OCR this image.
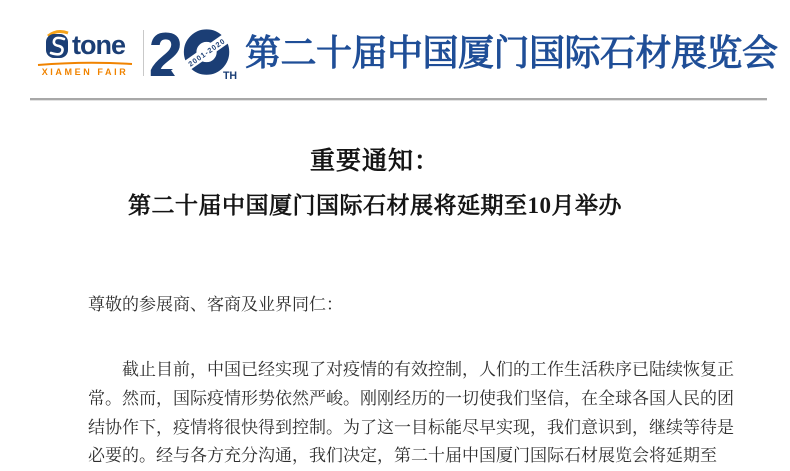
tone
XIAMEN FAIR 2 2001-2020
TH
第二十届中国厦门国际石材展览会
重要通知：
第二十届中国厦门国际石材展将延期至10月举办

尊敬的参展商、客商及业界同仁：

截止目前，中国已经实现了对疫情的有效控制，人们的工作生活秩序已陆续恢复正
常。然而，国际疫情形势依然严峻。刚刚经历的一切使我们坚信，在全球各国人民的团
结协作下，疫情将很快得到控制。为了这一目标能尽早实现，我们意识到，继续等待是
必要的。经与各方充分沟通，我们决定，第二十届中国厦门国际石材展览会将延期至
